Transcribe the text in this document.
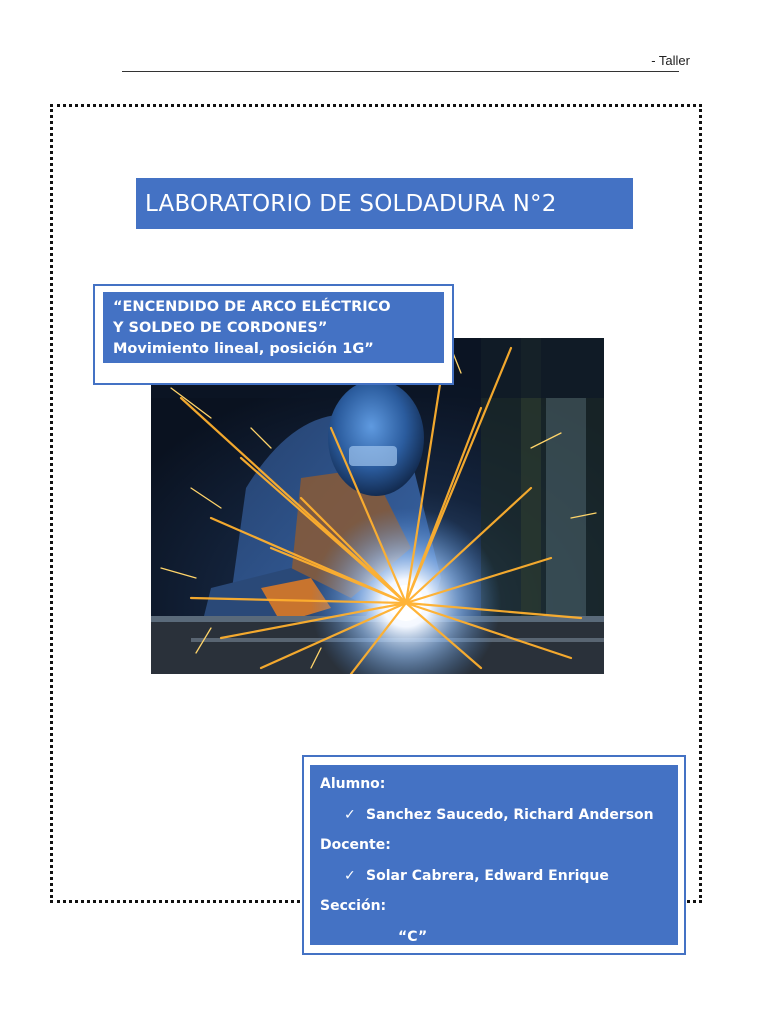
- Taller
LABORATORIO DE SOLDADURA N°2
“ENCENDIDO DE ARCO ELÉCTRICO
Y SOLDEO DE CORDONES”
Movimiento lineal, posición 1G”
Alumno:
✓ Sanchez Saucedo, Richard Anderson
Docente:
✓ Solar Cabrera, Edward Enrique
Sección:
“C”
